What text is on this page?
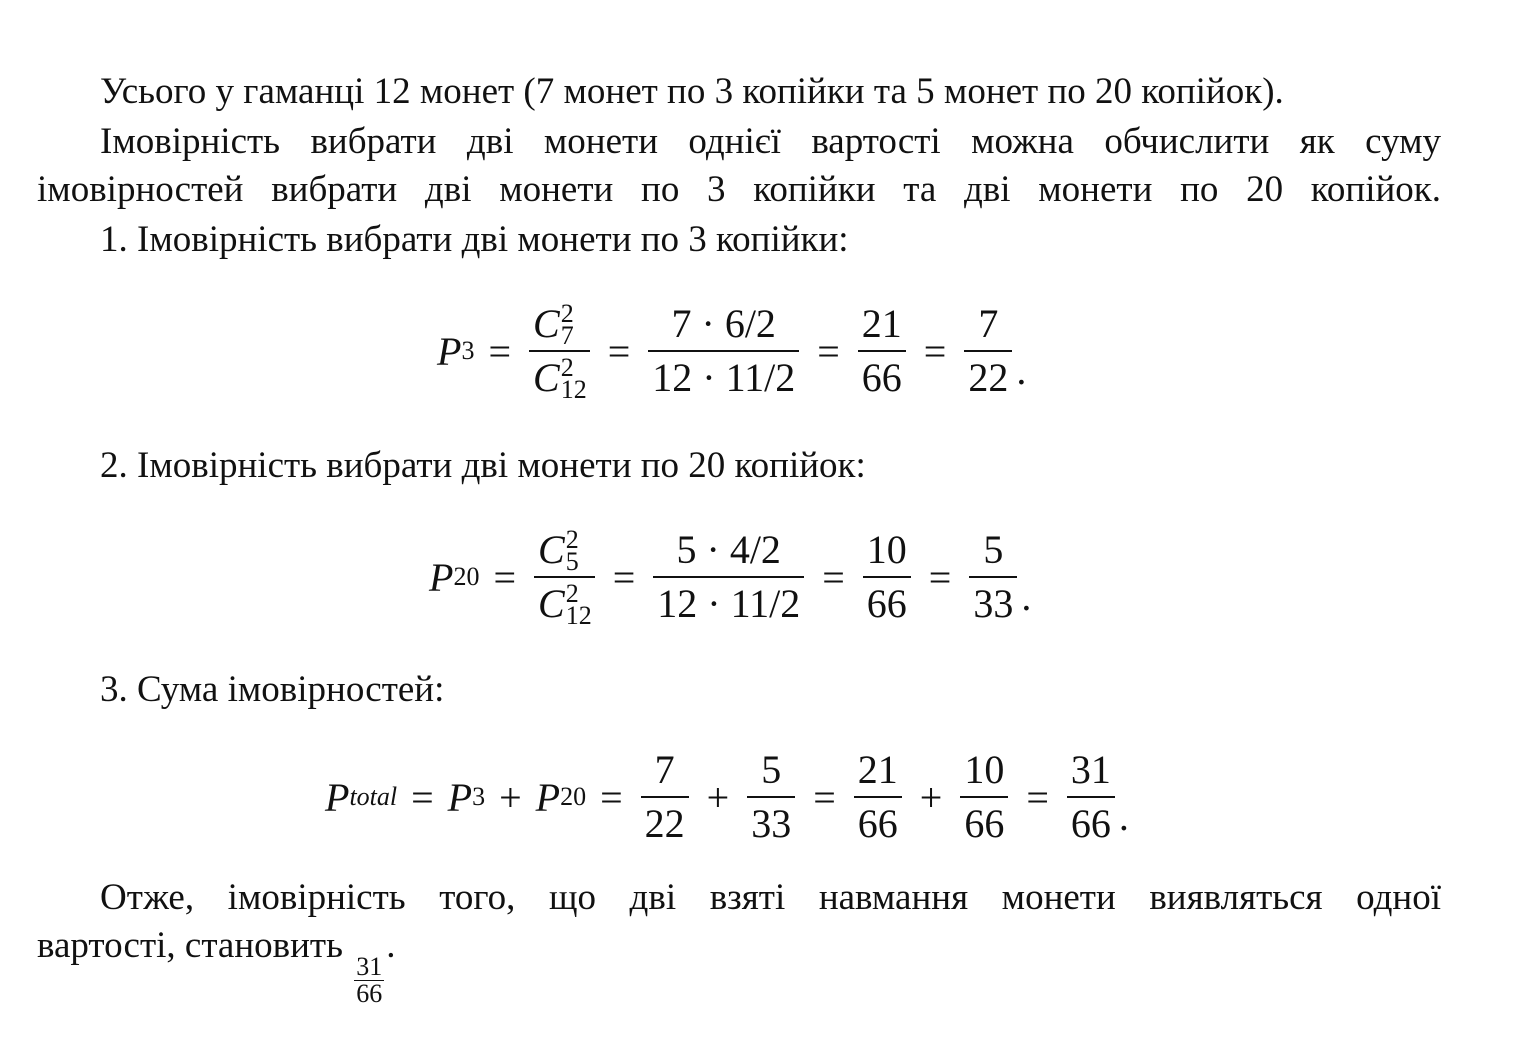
Усього у гаманці 12 монет (7 монет по 3 копійки та 5 монет по 20 копійок).
Імовірність вибрати дві монети однієї вартості можна обчислити як суму
імовірностей вибрати дві монети по 3 копійки та дві монети по 20 копійок.
1. Імовірність вибрати дві монети по 3 копійки:
P 3 = C 2
7
C 2
$12 = \frac{7 \cdot 6/2}{12 \cdot 11/2} = \frac{21}{66} = \frac{7}{22}$ .
2. Імовірність вибрати дві монети по 20 копійок:
P 20 = C 2
5
C 2
$12 = \frac{5 \cdot 4/2}{12 \cdot 11/2} = \frac{10}{66} = \frac{5}{33}$ .
3. Сума імовірностей:
P total = P 3 + P $20 = \frac{7}{22} + \frac{5}{33} = \frac{21}{66} + \frac{10}{66} = \frac{31}{66}$ .
Отже, імовірність того, що дві взяті навмання монети виявляться одної
вартості, становить
$\frac{31}{66}$
.
